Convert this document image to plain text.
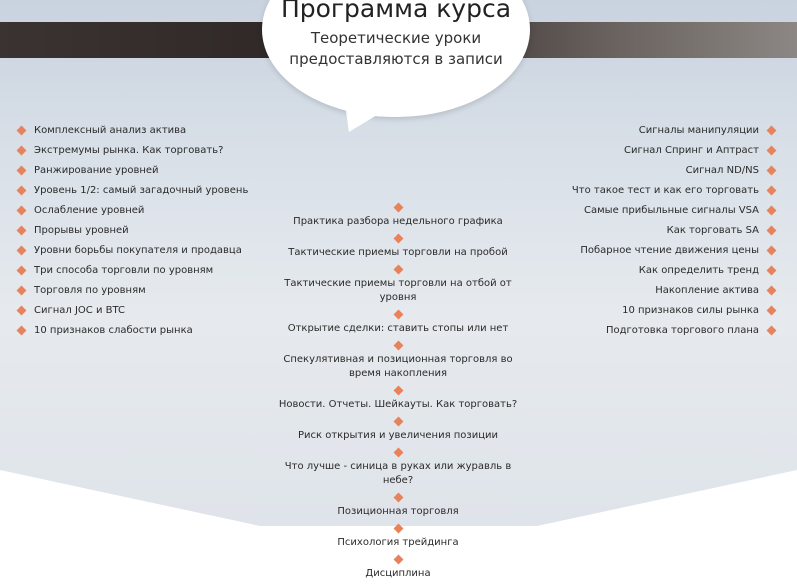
Программа курса
Теоретические уроки предоставляются в записи
Комплексный анализ актива
Экстремумы рынка. Как торговать?
Ранжирование уровней
Уровень 1/2: самый загадочный уровень
Ослабление уровней
Прорывы уровней
Уровни борьбы покупателя и продавца
Три способа торговли по уровням
Торговля по уровням
Сигнал JOC и BTC
10 признаков слабости рынка
Практика разбора недельного графика
Тактические приемы торговли на пробой
Тактические приемы торговли на отбой от уровня
Открытие сделки: ставить стопы или нет
Спекулятивная и позиционная торговля во время накопления
Новости. Отчеты. Шейкауты. Как торговать?
Риск открытия и увеличения позиции
Что лучше - синица в руках или журавль в небе?
Позиционная торговля
Психология трейдинга
Дисциплина
Сигналы манипуляции
Сигнал Спринг и Аптраст
Сигнал ND/NS
Что такое тест и как его торговать
Самые прибыльные сигналы VSA
Как торговать SA
Побарное чтение движения цены
Как определить тренд
Накопление актива
10 признаков силы рынка
Подготовка торгового плана
